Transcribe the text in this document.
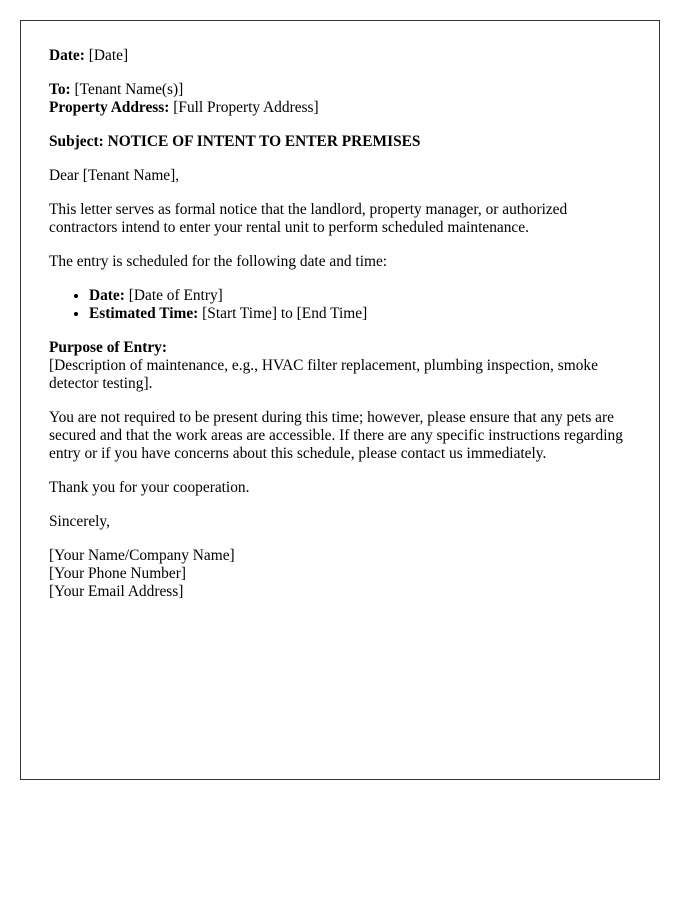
Date: [Date]

To: [Tenant Name(s)]
Property Address: [Full Property Address]

Subject: NOTICE OF INTENT TO ENTER PREMISES

Dear [Tenant Name],

This letter serves as formal notice that the landlord, property manager, or authorized contractors intend to enter your rental unit to perform scheduled maintenance.

The entry is scheduled for the following date and time:

• Date: [Date of Entry]
• Estimated Time: [Start Time] to [End Time]

Purpose of Entry:
[Description of maintenance, e.g., HVAC filter replacement, plumbing inspection, smoke detector testing].

You are not required to be present during this time; however, please ensure that any pets are secured and that the work areas are accessible. If there are any specific instructions regarding entry or if you have concerns about this schedule, please contact us immediately.

Thank you for your cooperation.

Sincerely,

[Your Name/Company Name]
[Your Phone Number]
[Your Email Address]
